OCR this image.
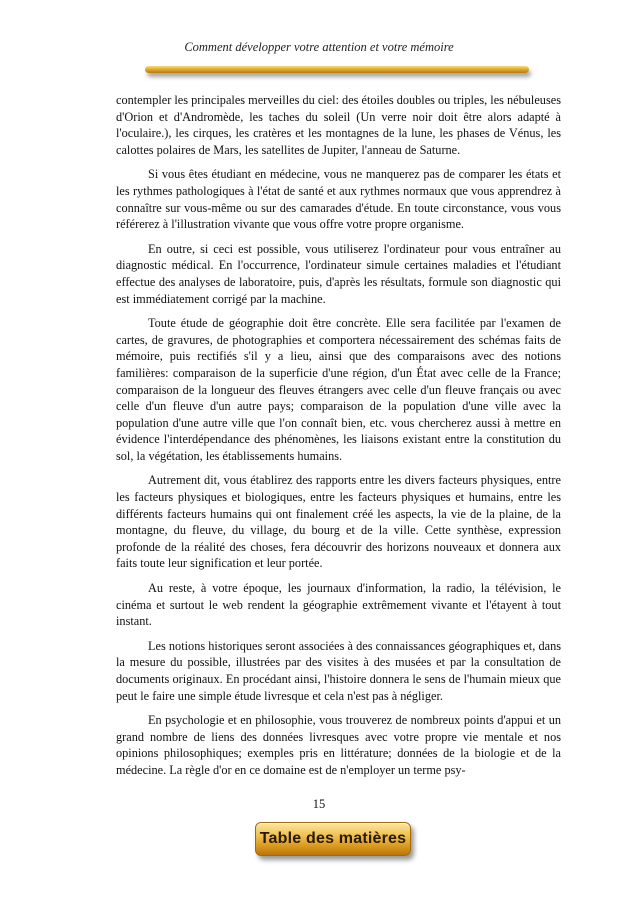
Comment développer votre attention et votre mémoire

contempler les principales merveilles du ciel: des étoiles doubles ou triples, les nébuleuses d'Orion et d'Andromède, les taches du soleil (Un verre noir doit être alors adapté à l'oculaire.), les cirques, les cratères et les montagnes de la lune, les phases de Vénus, les calottes polaires de Mars, les satellites de Jupiter, l'anneau de Saturne.

Si vous êtes étudiant en médecine, vous ne manquerez pas de comparer les états et les rythmes pathologiques à l'état de santé et aux rythmes normaux que vous apprendrez à connaître sur vous-même ou sur des camarades d'étude. En toute circonstance, vous vous référerez à l'illustration vivante que vous offre votre propre organisme.

En outre, si ceci est possible, vous utiliserez l'ordinateur pour vous entraîner au diagnostic médical. En l'occurrence, l'ordinateur simule certaines maladies et l'étudiant effectue des analyses de laboratoire, puis, d'après les résultats, formule son diagnostic qui est immédiatement corrigé par la machine.

Toute étude de géographie doit être concrète. Elle sera facilitée par l'examen de cartes, de gravures, de photographies et comportera nécessairement des schémas faits de mémoire, puis rectifiés s'il y a lieu, ainsi que des comparaisons avec des notions familières: comparaison de la superficie d'une région, d'un État avec celle de la France; comparaison de la longueur des fleuves étrangers avec celle d'un fleuve français ou avec celle d'un fleuve d'un autre pays; comparaison de la population d'une ville avec la population d'une autre ville que l'on connaît bien, etc. vous chercherez aussi à mettre en évidence l'interdépendance des phénomènes, les liaisons existant entre la constitution du sol, la végétation, les établissements humains.

Autrement dit, vous établirez des rapports entre les divers facteurs physiques, entre les facteurs physiques et biologiques, entre les facteurs physiques et humains, entre les différents facteurs humains qui ont finalement créé les aspects, la vie de la plaine, de la montagne, du fleuve, du village, du bourg et de la ville. Cette synthèse, expression profonde de la réalité des choses, fera découvrir des horizons nouveaux et donnera aux faits toute leur signification et leur portée.

Au reste, à votre époque, les journaux d'information, la radio, la télévision, le cinéma et surtout le web rendent la géographie extrêmement vivante et l'étayent à tout instant.

Les notions historiques seront associées à des connaissances géographiques et, dans la mesure du possible, illustrées par des visites à des musées et par la consultation de documents originaux. En procédant ainsi, l'histoire donnera le sens de l'humain mieux que peut le faire une simple étude livresque et cela n'est pas à négliger.

En psychologie et en philosophie, vous trouverez de nombreux points d'appui et un grand nombre de liens des données livresques avec votre propre vie mentale et nos opinions philosophiques; exemples pris en littérature; données de la biologie et de la médecine. La règle d'or en ce domaine est de n'employer un terme psy-

15
Table des matières
